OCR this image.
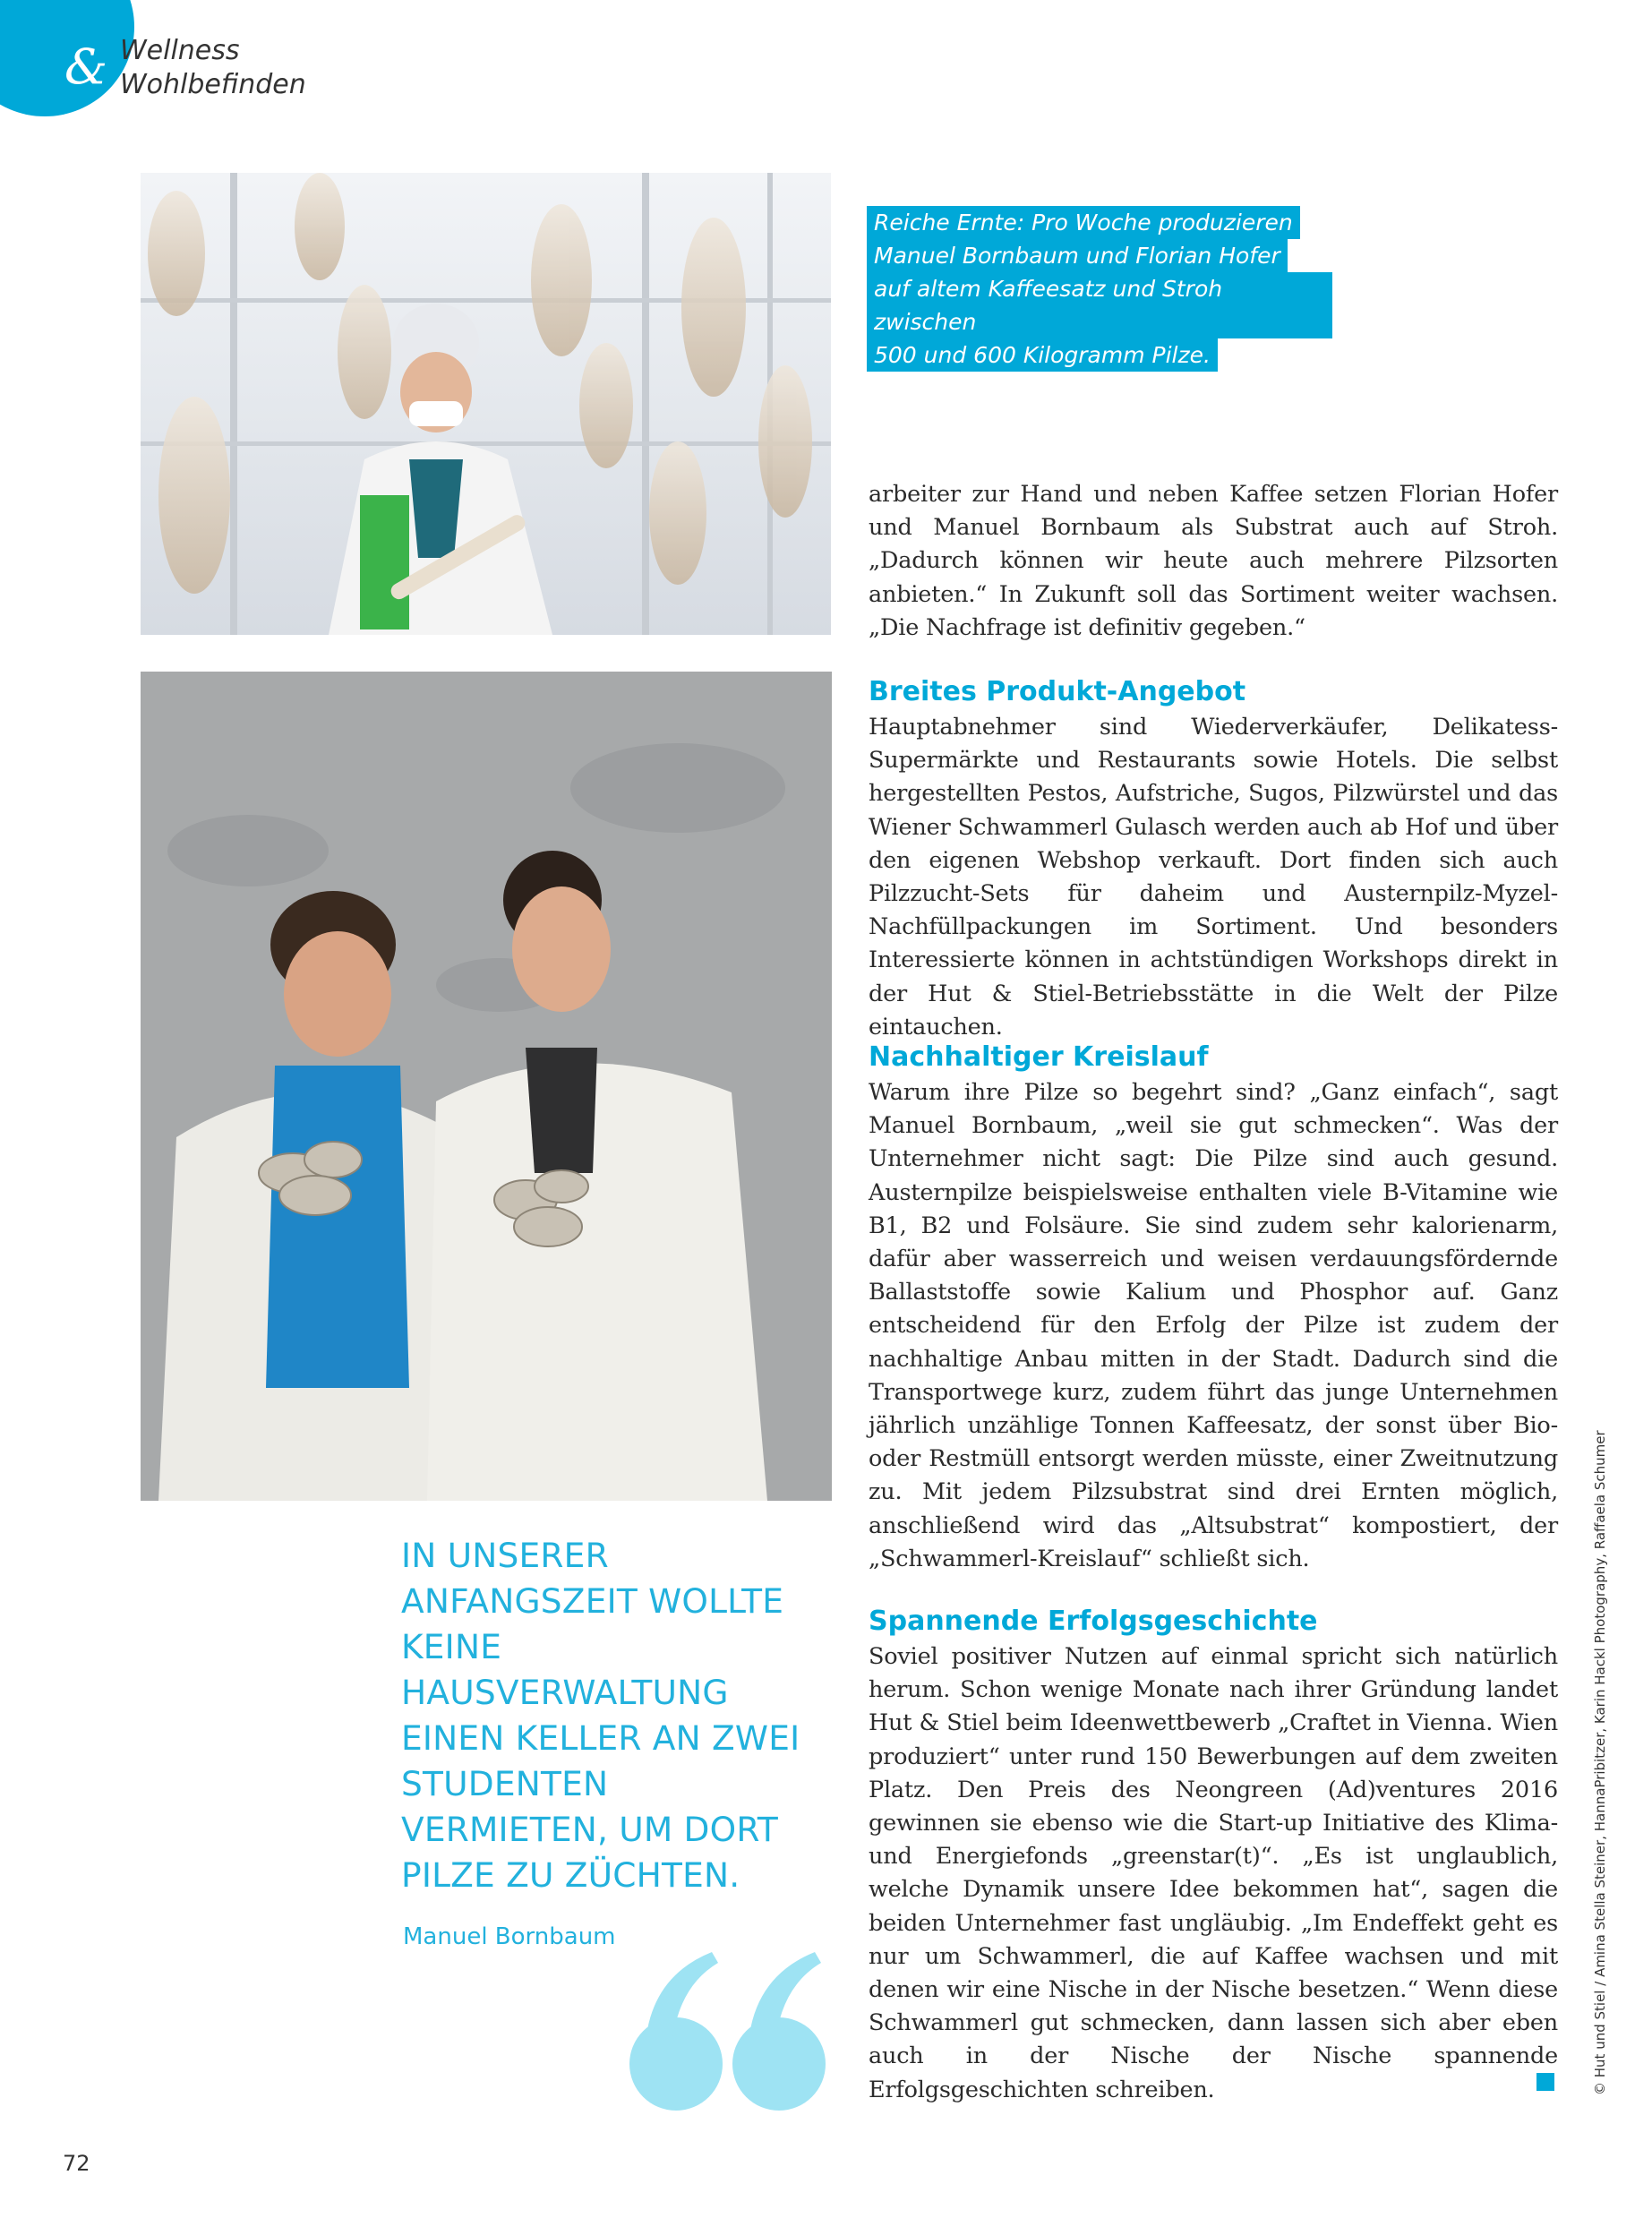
& Wellness
Wohlbefinden
Reiche Ernte: Pro Woche produzieren
Manuel Bornbaum und Florian Hofer
auf altem Kaffeesatz und Stroh zwischen
500 und 600 Kilogramm Pilze.
IN UNSERER ANFANGSZEIT WOLLTE KEINE HAUSVERWALTUNG EINEN KELLER AN ZWEI STUDENTEN VERMIETEN, UM DORT PILZE ZU ZÜCHTEN.
Manuel Bornbaum

arbeiter zur Hand und neben Kaffee setzen Florian Hofer und Manuel Bornbaum als Substrat auch auf Stroh. „Dadurch können wir heute auch mehrere Pilzsorten anbieten.“ In Zukunft soll das Sortiment weiter wachsen. „Die Nachfrage ist definitiv gegeben.“

Breites Produkt-Angebot

Hauptabnehmer sind Wiederverkäufer, Delikatess-Supermärkte und Restaurants sowie Hotels. Die selbst hergestellten Pestos, Aufstriche, Sugos, Pilzwürstel und das Wiener Schwammerl Gulasch werden auch ab Hof und über den eigenen Webshop verkauft. Dort finden sich auch Pilzzucht-Sets für daheim und Austernpilz-Myzel-Nachfüllpackungen im Sortiment. Und besonders Interessierte können in achtstündigen Workshops direkt in der Hut & Stiel-Betriebsstätte in die Welt der Pilze eintauchen.

Nachhaltiger Kreislauf

Warum ihre Pilze so begehrt sind? „Ganz einfach“, sagt Manuel Bornbaum, „weil sie gut schmecken“. Was der Unternehmer nicht sagt: Die Pilze sind auch gesund. Austernpilze beispielsweise enthalten viele B-Vitamine wie B1, B2 und Folsäure. Sie sind zudem sehr kalorienarm, dafür aber wasserreich und weisen verdauungsfördernde Ballaststoffe sowie Kalium und Phosphor auf. Ganz entscheidend für den Erfolg der Pilze ist zudem der nachhaltige Anbau mitten in der Stadt. Dadurch sind die Transportwege kurz, zudem führt das junge Unternehmen jährlich unzählige Tonnen Kaffeesatz, der sonst über Bio- oder Restmüll entsorgt werden müsste, einer Zweitnutzung zu. Mit jedem Pilzsubstrat sind drei Ernten möglich, anschließend wird das „Altsubstrat“ kompostiert, der „Schwammerl-Kreislauf“ schließt sich.

Spannende Erfolgsgeschichte

Soviel positiver Nutzen auf einmal spricht sich natürlich herum. Schon wenige Monate nach ihrer Gründung landet Hut & Stiel beim Ideenwettbewerb „Craftet in Vienna. Wien produziert“ unter rund 150 Bewerbungen auf dem zweiten Platz. Den Preis des Neongreen (Ad)ventures 2016 gewinnen sie ebenso wie die Start-up Initiative des Klima- und Energiefonds „greenstar(t)“. „Es ist unglaublich, welche Dynamik unsere Idee bekommen hat“, sagen die beiden Unternehmer fast ungläubig. „Im Endeffekt geht es nur um Schwammerl, die auf Kaffee wachsen und mit denen wir eine Nische in der Nische besetzen.“ Wenn diese Schwammerl gut schmecken, dann lassen sich aber eben auch in der Nische der Nische spannende Erfolgsgeschichten schreiben.

72
© Hut und Stiel / Amina Stella Steiner, HannaPribitzer, Karin Hackl Photography, Raffaela Schumer
